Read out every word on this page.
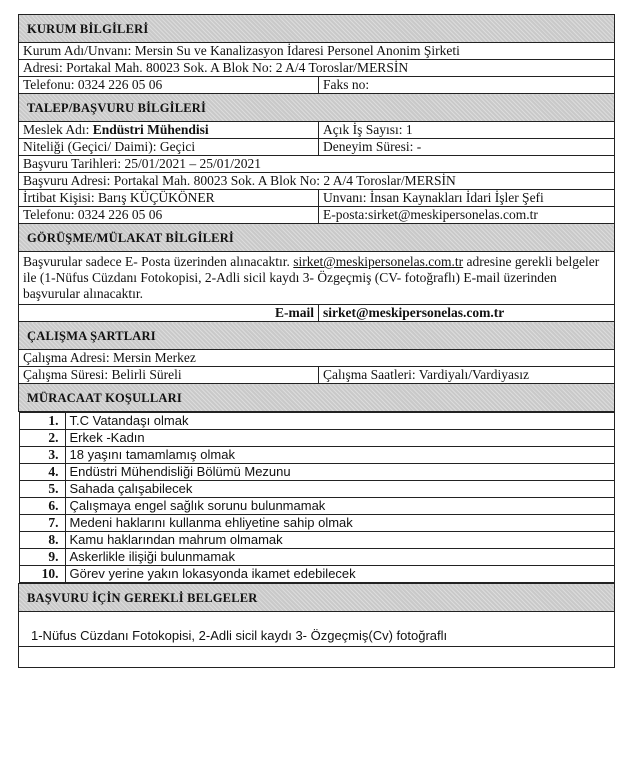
KURUM BİLGİLERİ
Kurum Adı/Unvanı: Mersin Su ve Kanalizasyon İdaresi Personel Anonim Şirketi
Adresi: Portakal Mah. 80023 Sok. A Blok No: 2 A/4 Toroslar/MERSİN
Telefonu: 0324 226 05 06	Faks no:
TALEP/BAŞVURU BİLGİLERİ
Meslek Adı: Endüstri Mühendisi	Açık İş Sayısı: 1
Niteliği (Geçici/ Daimi): Geçici	Deneyim Süresi: -
Başvuru Tarihleri: 25/01/2021 – 25/01/2021
Başvuru Adresi: Portakal Mah. 80023 Sok. A Blok No: 2 A/4 Toroslar/MERSİN
İrtibat Kişisi: Barış KÜÇÜKÖNER	Unvanı: İnsan Kaynakları İdari İşler Şefi
Telefonu: 0324 226 05 06	E-posta:sirket@meskipersonelas.com.tr
GÖRÜŞME/MÜLAKAT BİLGİLERİ
Başvurular sadece E- Posta üzerinden alınacaktır. sirket@meskipersonelas.com.tr adresine gerekli belgeler ile (1-Nüfus Cüzdanı Fotokopisi, 2-Adli sicil kaydı 3- Özgeçmiş (CV- fotoğraflı) E-mail üzerinden başvurular alınacaktır.
E-mail	sirket@meskipersonelas.com.tr
ÇALIŞMA ŞARTLARI
Çalışma Adresi: Mersin Merkez
Çalışma Süresi: Belirli Süreli	Çalışma Saatleri: Vardiyalı/Vardiyasız
MÜRACAAT KOŞULLARI

1.	T.C Vatandaşı olmak
2.	Erkek -Kadın
3.	18 yaşını tamamlamış olmak
4.	Endüstri Mühendisliği Bölümü Mezunu
5.	Sahada çalışabilecek
6.	Çalışmaya engel sağlık sorunu bulunmamak
7.	Medeni haklarını kullanma ehliyetine sahip olmak
8.	Kamu haklarından mahrum olmamak
9.	Askerlikle ilişiği bulunmamak
10.	Görev yerine yakın lokasyonda ikamet edebilecek

BAŞVURU İÇİN GEREKLİ BELGELER

1-Nüfus Cüzdanı Fotokopisi, 2-Adli sicil kaydı 3- Özgeçmiş(Cv) fotoğraflı
